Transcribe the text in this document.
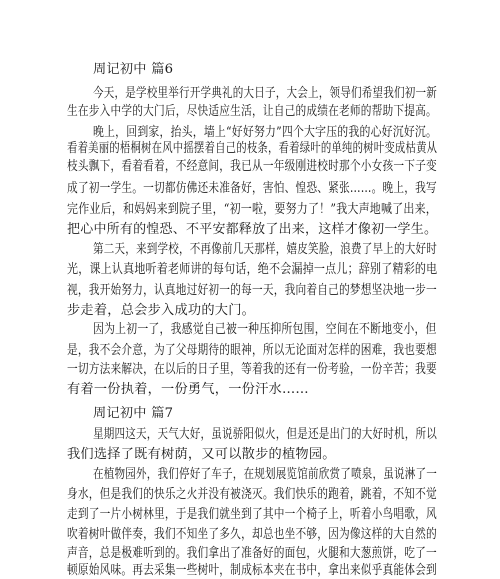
周记初中 篇6
今天，是学校里举行开学典礼的大日子，大会上，领导们希望我们初一新
生在步入中学的大门后，尽快适应生活，让自己的成绩在老师的帮助下提高。
晚上，回到家，抬头，墙上“好好努力”四个大字压的我的心好沉好沉。
看着美丽的梧桐树在风中摇摆着自己的枝条，看着绿叶的单纯的树叶变成枯黄从
枝头飘下，看着看着，不经意间，我已从一年级刚进校时那个小女孩一下子变
成了初一学生。一切都仿佛还未准备好，害怕、惶恐、紧张……。晚上，我写
完作业后，和妈妈来到院子里，“初一啦，要努力了！”我大声地喊了出来，
把心中所有的惶恐、不平安都释放了出来，这样才像初一学生。
第二天，来到学校，不再像前几天那样，嬉皮笑脸，浪费了早上的大好时
光，课上认真地听着老师讲的每句话，绝不会漏掉一点儿；辞别了精彩的电
视，我开始努力，认真地过好初一的每一天，我向着自己的梦想坚决地一步一
步走着，总会步入成功的大门。
因为上初一了，我感觉自己被一种压抑所包围，空间在不断地变小，但
是，我不会介意，为了父母期待的眼神，所以无论面对怎样的困难，我也要想
一切方法来解决，在以后的日子里，等着我的还有一份考验，一份辛苦；我要
有着一份执着，一份勇气，一份汗水……
周记初中 篇7
星期四这天，天气大好，虽说骄阳似火，但是还是出门的大好时机，所以
我们选择了既有树荫，又可以散步的植物园。
在植物园外，我们停好了车子，在规划展览馆前欣赏了喷泉，虽说淋了一
身水，但是我们的快乐之火并没有被浇灭。我们快乐的跑着，跳着，不知不觉
走到了一片小树林里，于是我们就坐到了其中一个椅子上，听着小鸟唱歌，风
吹着树叶做伴奏，我们不知坐了多久，却总也坐不够，因为像这样的大自然的
声音，总是极难听到的。我们拿出了准备好的面包，火腿和大葱煎饼，吃了一
顿原始风味。再去采集一些树叶，制成标本夹在书中，拿出来似乎真能体会到
